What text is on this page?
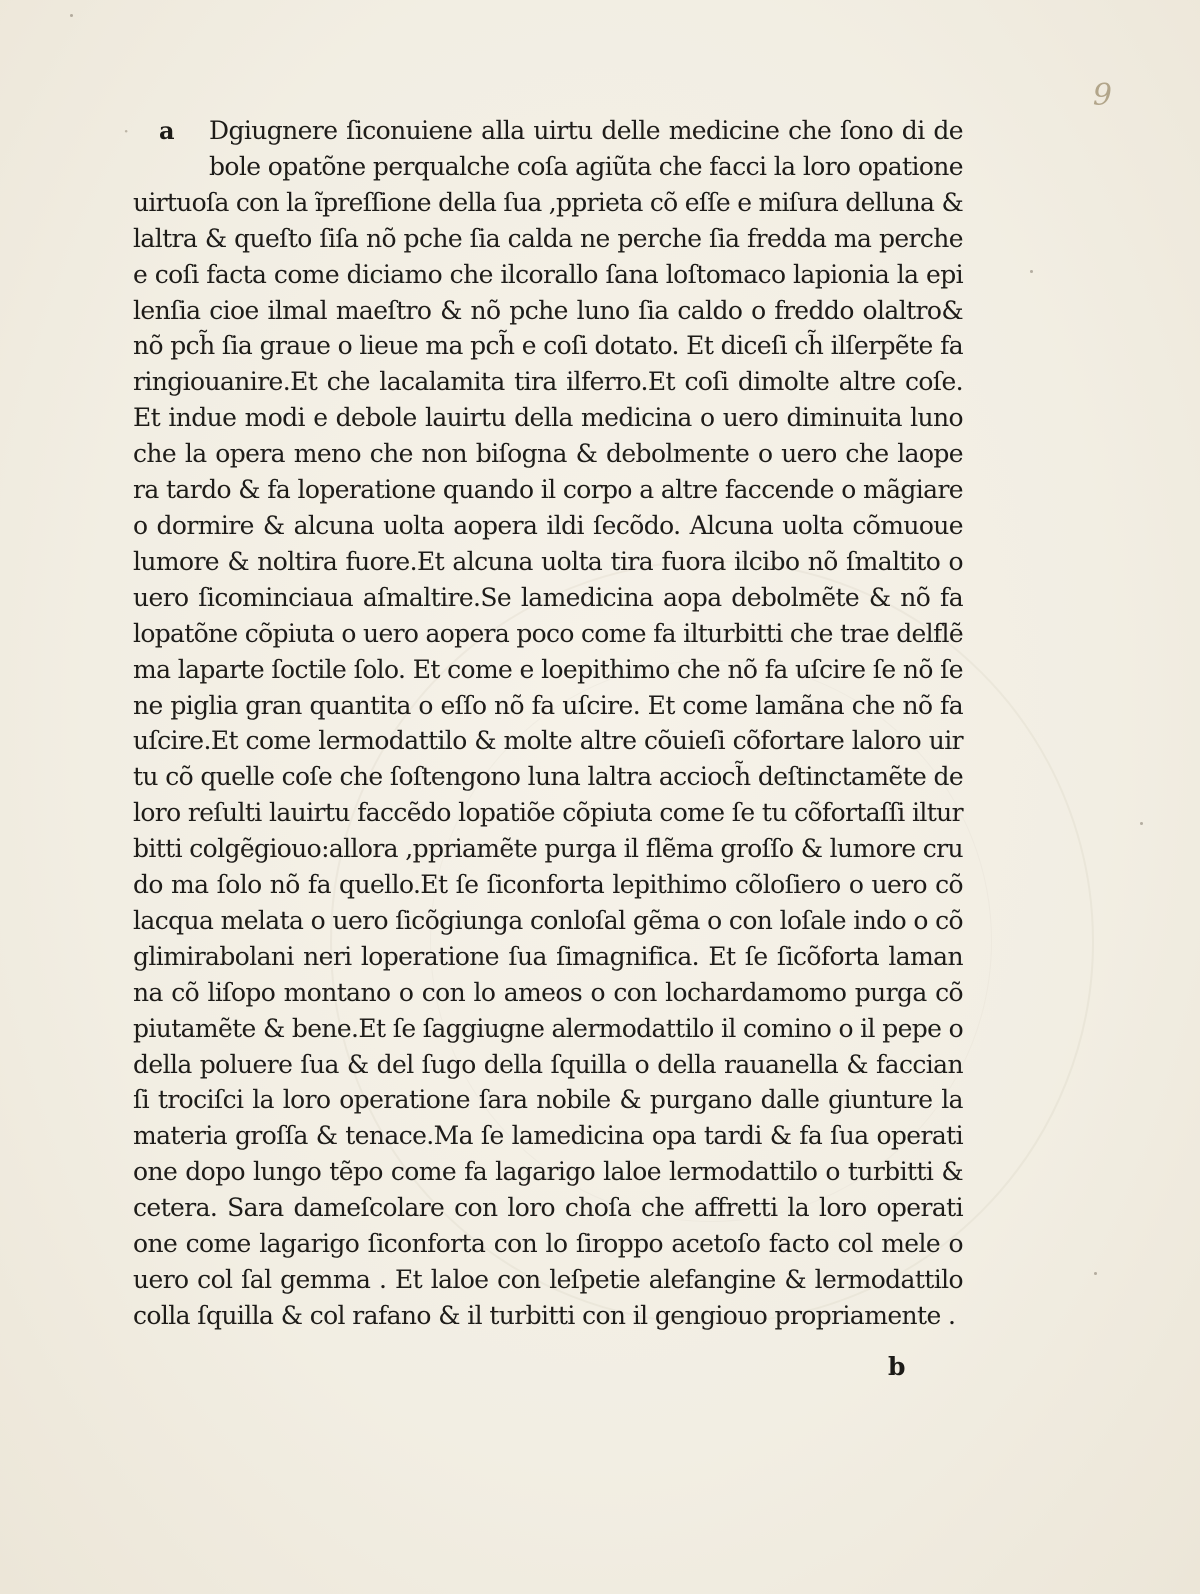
9
· a	Dgiugnere ſiconuiene alla uirtu delle medicine che ſono di de
bole opatõne perqualche coſa agiũta che facci la loro opatione
uirtuoſa con la ĩpreſſione della ſua ,pprieta cõ eſſe e miſura delluna &
laltra & queſto ſiſa nõ pche ſia calda ne perche ſia fredda ma perche
e coſi facta come diciamo che ilcorallo ſana loſtomaco lapionia la epi
lenſia cioe ilmal maeſtro & nõ pche luno ſia caldo o freddo olaltro&
nõ pch̃ ſia graue o lieue ma pch̃ e coſi dotato. Et diceſi ch̃ ilſerpẽte fa
ringiouanire.Et che lacalamita tira ilferro.Et coſi dimolte altre coſe.
Et indue modi e debole lauirtu della medicina o uero diminuita luno
che la opera meno che non biſogna & debolmente o uero che laope
ra tardo & fa loperatione quando il corpo a altre faccende o mãgiare
o dormire & alcuna uolta aopera ildi ſecõdo. Alcuna uolta cõmuoue
lumore & noltira fuore.Et alcuna uolta tira fuora ilcibo nõ ſmaltito o
uero ſicominciaua aſmaltire.Se lamedicina aopa debolmẽte & nõ fa
lopatõne cõpiuta o uero aopera poco come fa ilturbitti che trae delflẽ
ma laparte ſoctile ſolo. Et come e loepithimo che nõ fa uſcire ſe nõ ſe
ne piglia gran quantita o eſſo nõ fa uſcire. Et come lamãna che nõ fa
uſcire.Et come lermodattilo & molte altre cõuieſi cõfortare laloro uir
tu cõ quelle coſe che ſoſtengono luna laltra accioch̃ deſtinctamẽte de
loro reſulti lauirtu faccẽdo lopatiõe cõpiuta come ſe tu cõfortaſſi iltur
bitti colgẽgiouo:allora ,ppriamẽte purga il flẽma groſſo & lumore cru
do ma ſolo nõ fa quello.Et ſe ſiconforta lepithimo cõloſiero o uero cõ
lacqua melata o uero ſicõgiunga conloſal gẽma o con loſale indo o cõ
glimirabolani neri loperatione ſua ſimagnifica. Et ſe ſicõforta laman
na cõ liſopo montano o con lo ameos o con lochardamomo purga cõ
piutamẽte & bene.Et ſe ſaggiugne alermodattilo il comino o il pepe o
della poluere ſua & del ſugo della ſquilla o della rauanella & faccian
ſi trociſci la loro operatione ſara nobile & purgano dalle giunture la
materia groſſa & tenace.Ma ſe lamedicina opa tardi & fa ſua operati
one dopo lungo tẽpo come fa lagarigo laloe lermodattilo o turbitti &
cetera. Sara dameſcolare con loro choſa che affretti la loro operati
one come lagarigo ſiconforta con lo ſiroppo acetoſo facto col mele o
uero col ſal gemma . Et laloe con leſpetie alefangine & lermodattilo
colla ſquilla & col rafano & il turbitti con il gengiouo propriamente .
b
